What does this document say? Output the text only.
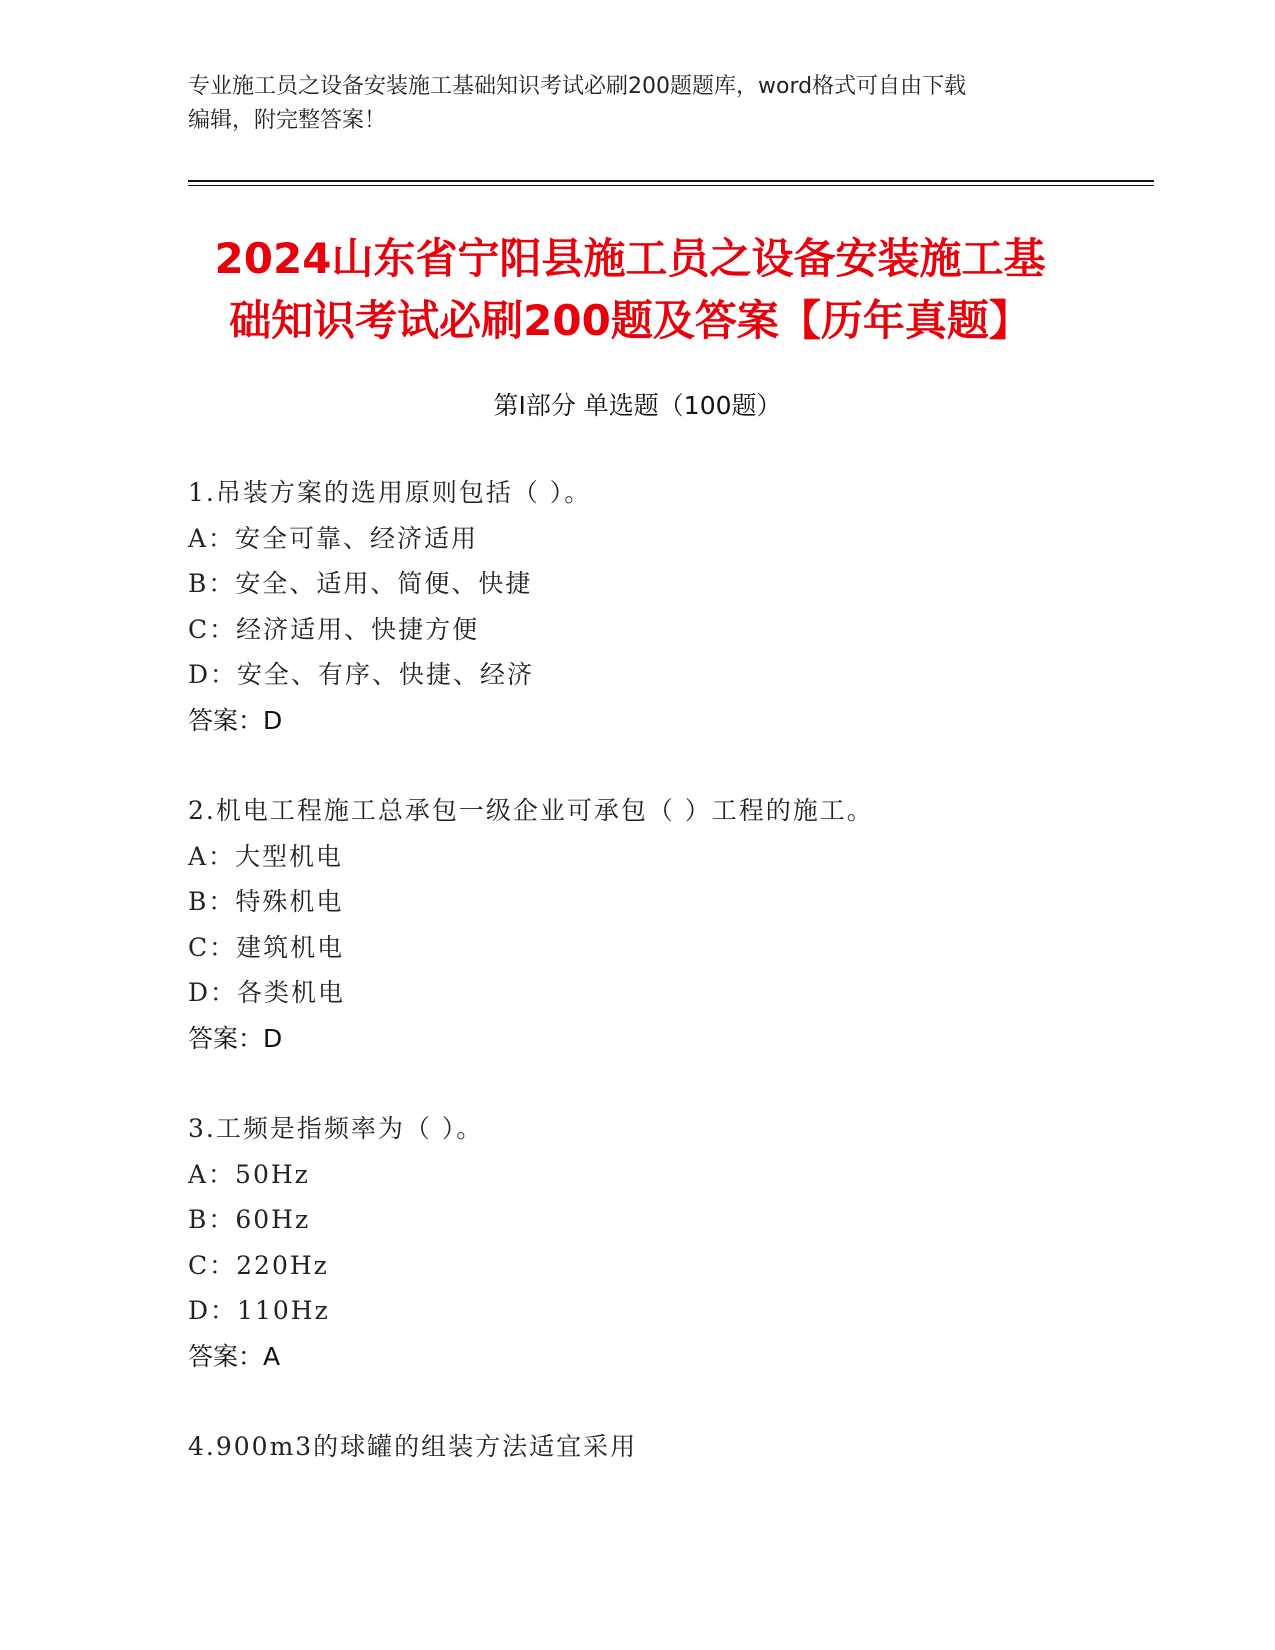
专业施工员之设备安装施工基础知识考试必刷200题题库，word格式可自由下载
编辑，附完整答案！
2024山东省宁阳县施工员之设备安装施工基
础知识考试必刷200题及答案【历年真题】
第Ⅰ部分 单选题（100题）
1.吊装方案的选用原则包括（ ）。
A：安全可靠、经济适用
B：安全、适用、简便、快捷
C：经济适用、快捷方便
D：安全、有序、快捷、经济
答案：D
2.机电工程施工总承包一级企业可承包（ ）工程的施工。
A：大型机电
B：特殊机电
C：建筑机电
D：各类机电
答案：D
3.工频是指频率为（ ）。
A：50Hz
B：60Hz
C：220Hz
D：110Hz
答案：A
4.900m3的球罐的组装方法适宜采用
